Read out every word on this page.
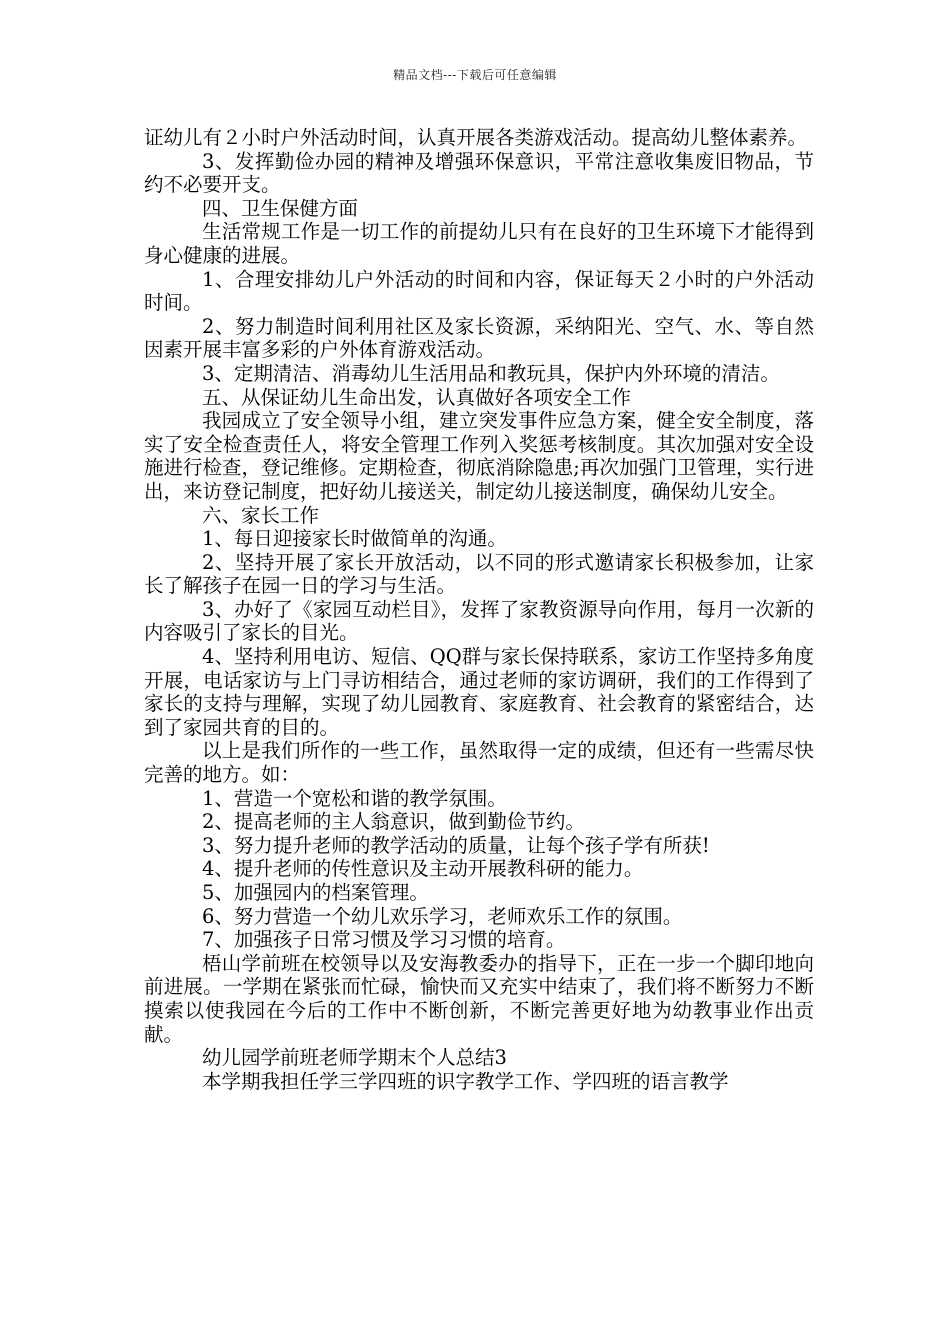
精品文档---下载后可任意编辑

证幼儿有２小时户外活动时间，认真开展各类游戏活动。提高幼儿整体素养。

3、发挥勤俭办园的精神及增强环保意识，平常注意收集废旧物品，节约不必要开支。

四、卫生保健方面

生活常规工作是一切工作的前提幼儿只有在良好的卫生环境下才能得到身心健康的进展。

1、合理安排幼儿户外活动的时间和内容，保证每天２小时的户外活动时间。

2、努力制造时间利用社区及家长资源，采纳阳光、空气、水、等自然因素开展丰富多彩的户外体育游戏活动。

3、定期清洁、消毒幼儿生活用品和教玩具，保护内外环境的清洁。

五、从保证幼儿生命出发，认真做好各项安全工作

我园成立了安全领导小组，建立突发事件应急方案，健全安全制度，落实了安全检查责任人，将安全管理工作列入奖惩考核制度。其次加强对安全设施进行检查，登记维修。定期检查，彻底消除隐患;再次加强门卫管理，实行进出，来访登记制度，把好幼儿接送关，制定幼儿接送制度，确保幼儿安全。

六、家长工作

1、每日迎接家长时做简单的沟通。

2、坚持开展了家长开放活动，以不同的形式邀请家长积极参加，让家长了解孩子在园一日的学习与生活。

3、办好了《家园互动栏目》，发挥了家教资源导向作用，每月一次新的内容吸引了家长的目光。

4、坚持利用电访、短信、QQ群与家长保持联系，家访工作坚持多角度开展，电话家访与上门寻访相结合，通过老师的家访调研，我们的工作得到了家长的支持与理解，实现了幼儿园教育、家庭教育、社会教育的紧密结合，达到了家园共育的目的。

以上是我们所作的一些工作，虽然取得一定的成绩，但还有一些需尽快完善的地方。如：

1、营造一个宽松和谐的教学氛围。

2、提高老师的主人翁意识，做到勤俭节约。

3、努力提升老师的教学活动的质量，让每个孩子学有所获!

4、提升老师的传性意识及主动开展教科研的能力。

5、加强园内的档案管理。

6、努力营造一个幼儿欢乐学习，老师欢乐工作的氛围。

7、加强孩子日常习惯及学习习惯的培育。

梧山学前班在校领导以及安海教委办的指导下，正在一步一个脚印地向前进展。一学期在紧张而忙碌，愉快而又充实中结束了，我们将不断努力不断摸索以使我园在今后的工作中不断创新，不断完善更好地为幼教事业作出贡献。

幼儿园学前班老师学期末个人总结3

本学期我担任学三学四班的识字教学工作、学四班的语言教学
